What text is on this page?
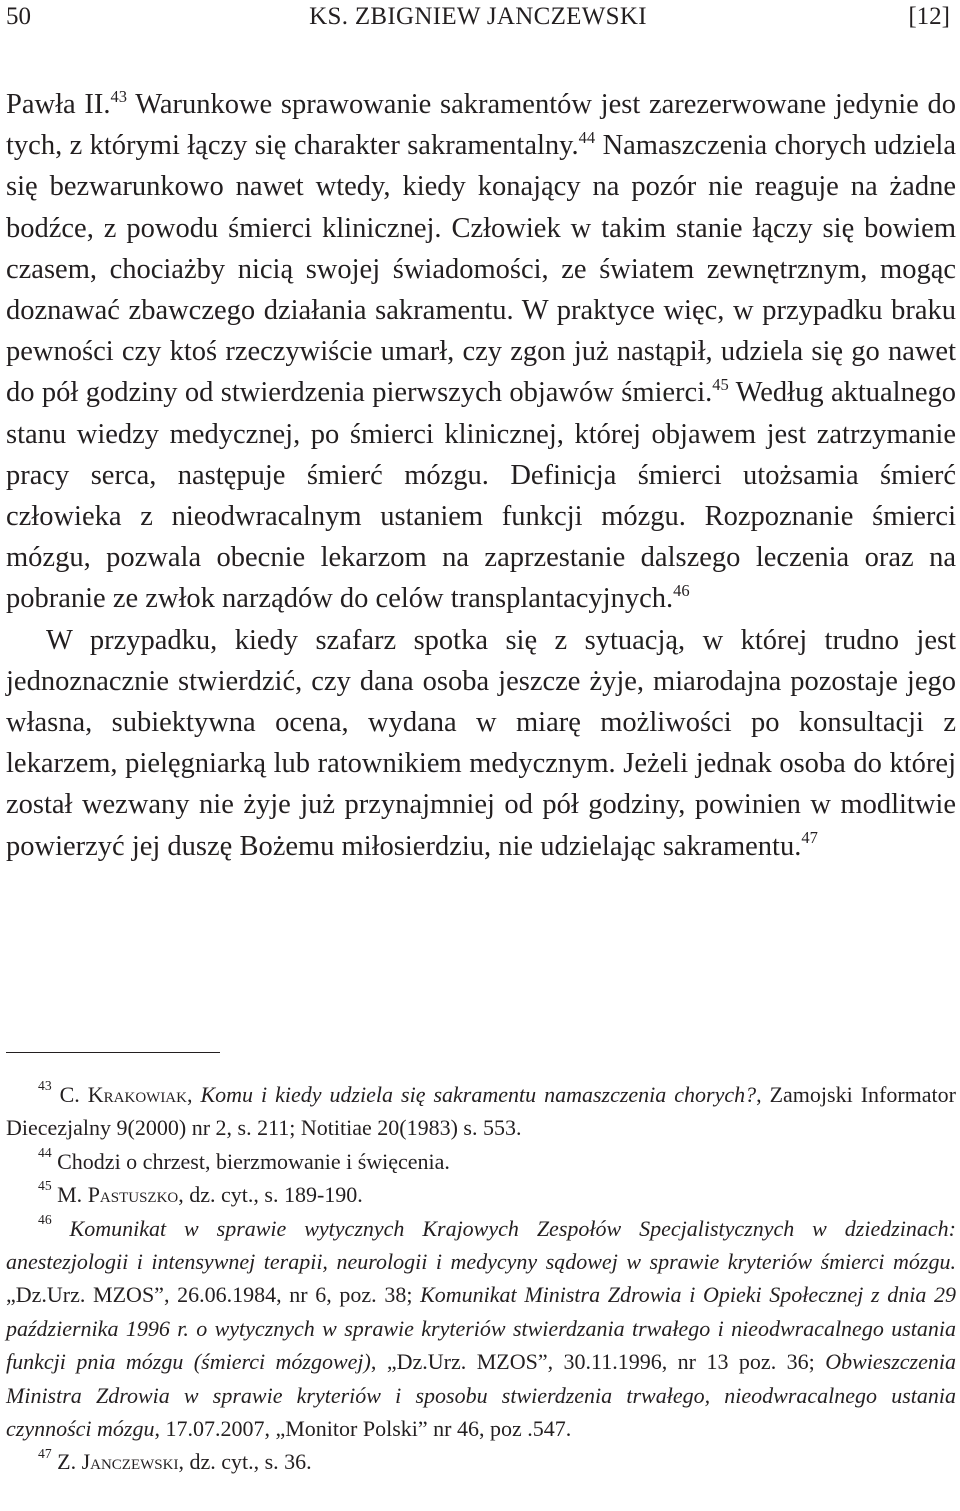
50	KS. ZBIGNIEW JANCZEWSKI	[12]

Pawła II.$^{43}$ Warunkowe sprawowanie sakramentów jest zarezerwowane jedynie do tych, z którymi łączy się charakter sakramentalny.$^{44}$ Namaszczenia chorych udziela się bezwarunkowo nawet wtedy, kiedy konający na pozór nie reaguje na żadne bodźce, z powodu śmierci klinicznej. Człowiek w takim stanie łączy się bowiem czasem, chociażby nicią swojej świadomości, ze światem zewnętrznym, mogąc doznawać zbawczego działania sakramentu. W praktyce więc, w przypadku braku pewności czy ktoś rzeczywiście umarł, czy zgon już nastąpił, udziela się go nawet do pół godziny od stwierdzenia pierwszych objawów śmierci.$^{45}$ Według aktualnego stanu wiedzy medycznej, po śmierci klinicznej, której objawem jest zatrzymanie pracy serca, następuje śmierć mózgu. Definicja śmierci utożsamia śmierć człowieka z nieodwracalnym ustaniem funkcji mózgu. Rozpoznanie śmierci mózgu, pozwala obecnie lekarzom na zaprzestanie dalszego leczenia oraz na pobranie ze zwłok narządów do celów transplantacyjnych.$^{46}$

W przypadku, kiedy szafarz spotka się z sytuacją, w której trudno jest jednoznacznie stwierdzić, czy dana osoba jeszcze żyje, miarodajna pozostaje jego własna, subiektywna ocena, wydana w miarę możliwości po konsultacji z lekarzem, pielęgniarką lub ratownikiem medycznym. Jeżeli jednak osoba do której został wezwany nie żyje już przynajmniej od pół godziny, powinien w modlitwie powierzyć jej duszę Bożemu miłosierdziu, nie udzielając sakramentu.$^{47}$

$^{43}$ C. Krakowiak, Komu i kiedy udziela się sakramentu namaszczenia chorych?, Zamojski Informator Diecezjalny 9(2000) nr 2, s. 211; Notitiae 20(1983) s. 553.

$^{44}$ Chodzi o chrzest, bierzmowanie i święcenia.

$^{45}$ M. Pastuszko, dz. cyt., s. 189-190.

$^{46}$ Komunikat w sprawie wytycznych Krajowych Zespołów Specjalistycznych w dziedzinach: anestezjologii i intensywnej terapii, neurologii i medycyny sądowej w sprawie kryteriów śmierci mózgu. „Dz.Urz. MZOS”, 26.06.1984, nr 6, poz. 38; Komunikat Ministra Zdrowia i Opieki Społecznej z dnia 29 października 1996 r. o wytycznych w sprawie kryteriów stwierdzania trwałego i nieodwracalnego ustania funkcji pnia mózgu (śmierci mózgowej), „Dz.Urz. MZOS”, 30.11.1996, nr 13 poz. 36; Obwieszczenia Ministra Zdrowia w sprawie kryteriów i sposobu stwierdzenia trwałego, nieodwracalnego ustania czynności mózgu, 17.07.2007, „Monitor Polski” nr 46, poz .547.

$^{47}$ Z. Janczewski, dz. cyt., s. 36.
